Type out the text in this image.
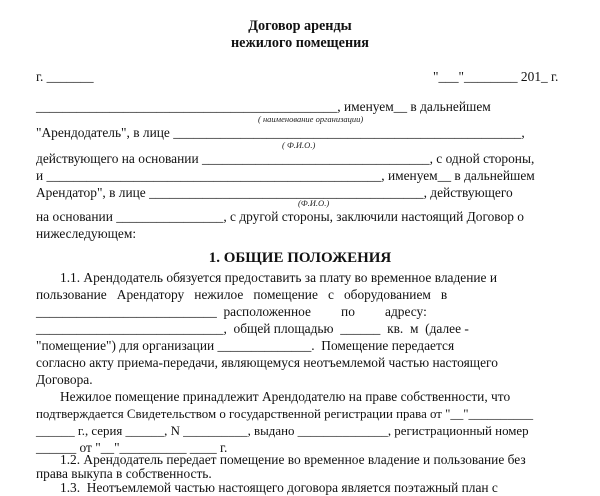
Договор аренды
нежилого помещения
г. _______	"___"________ 201_ г.
_____________________________________________, именуем__ в дальнейшем
( наименование организации)
"Арендодатель", в лице ____________________________________________________,
( Ф.И.О.)
действующего на основании __________________________________, с одной стороны,
и __________________________________________________, именуем__ в дальнейшем
Арендатор", в лице _________________________________________, действующего
(Ф.И.О.)
на основании ________________, с другой стороны, заключили настоящий Договор о
нижеследующем:
1. ОБЩИЕ ПОЛОЖЕНИЯ
1.1. Арендодатель обязуется предоставить за плату во временное владение и
пользование   Арендатору   нежилое   помещение   с   оборудованием   в
___________________________  расположенное         по         адресу:
____________________________,  общей площадью  ______  кв.  м  (далее -
"помещение") для организации ______________.  Помещение передается
согласно акту приема-передачи, являющемуся неотъемлемой частью настоящего
Договора.
Нежилое помещение принадлежит Арендодателю на праве собственности, что
подтверждается Свидетельством о государственной регистрации права от "__"__________
______ г., серия ______, N __________, выдано ______________, регистрационный номер
______ от "__"__________ ____ г.
1.2. Арендодатель передает помещение во временное владение и пользование без
права выкупа в собственность.
1.3.  Неотъемлемой частью настоящего договора является поэтажный план с
